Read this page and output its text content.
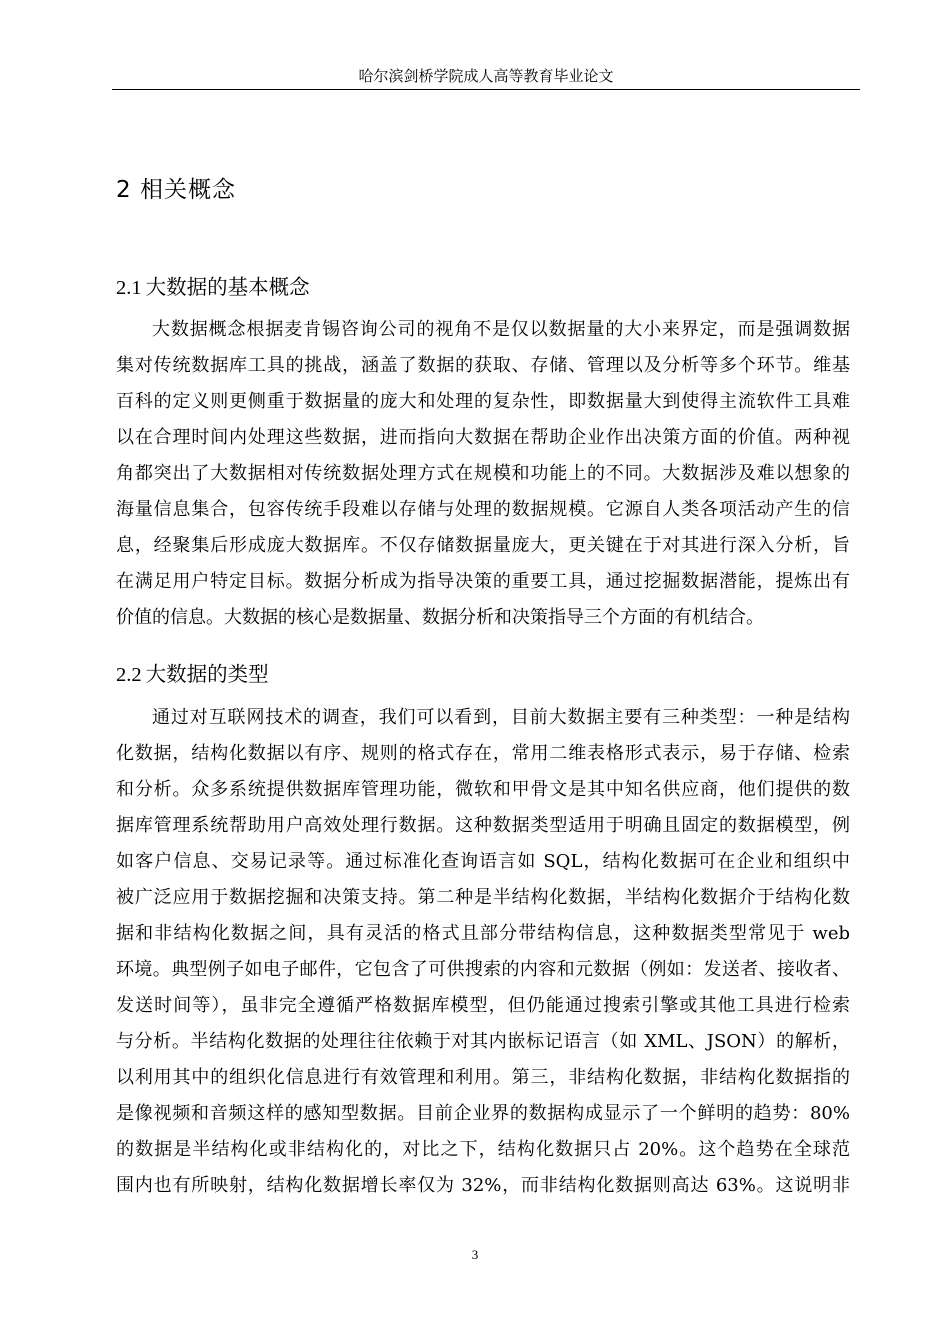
哈尔滨剑桥学院成人高等教育毕业论文
2 相关概念
2.1 大数据的基本概念
大数据概念根据麦肯锡咨询公司的视角不是仅以数据量的大小来界定，而是强调数据
集对传统数据库工具的挑战，涵盖了数据的获取、存储、管理以及分析等多个环节。维基
百科的定义则更侧重于数据量的庞大和处理的复杂性，即数据量大到使得主流软件工具难
以在合理时间内处理这些数据，进而指向大数据在帮助企业作出决策方面的价值。两种视
角都突出了大数据相对传统数据处理方式在规模和功能上的不同。大数据涉及难以想象的
海量信息集合，包容传统手段难以存储与处理的数据规模。它源自人类各项活动产生的信
息，经聚集后形成庞大数据库。不仅存储数据量庞大，更关键在于对其进行深入分析，旨
在满足用户特定目标。数据分析成为指导决策的重要工具，通过挖掘数据潜能，提炼出有
价值的信息。大数据的核心是数据量、数据分析和决策指导三个方面的有机结合。
2.2 大数据的类型
通过对互联网技术的调查，我们可以看到，目前大数据主要有三种类型：一种是结构
化数据，结构化数据以有序、规则的格式存在，常用二维表格形式表示，易于存储、检索
和分析。众多系统提供数据库管理功能，微软和甲骨文是其中知名供应商，他们提供的数
据库管理系统帮助用户高效处理行数据。这种数据类型适用于明确且固定的数据模型，例
如客户信息、交易记录等。通过标准化查询语言如 SQL，结构化数据可在企业和组织中
被广泛应用于数据挖掘和决策支持。第二种是半结构化数据，半结构化数据介于结构化数
据和非结构化数据之间，具有灵活的格式且部分带结构信息，这种数据类型常见于 web
环境。典型例子如电子邮件，它包含了可供搜索的内容和元数据（例如：发送者、接收者、
发送时间等），虽非完全遵循严格数据库模型，但仍能通过搜索引擎或其他工具进行检索
与分析。半结构化数据的处理往往依赖于对其内嵌标记语言（如 XML、JSON）的解析，
以利用其中的组织化信息进行有效管理和利用。第三，非结构化数据，非结构化数据指的
是像视频和音频这样的感知型数据。目前企业界的数据构成显示了一个鲜明的趋势：80%
的数据是半结构化或非结构化的，对比之下，结构化数据只占 20%。这个趋势在全球范
围内也有所映射，结构化数据增长率仅为 32%，而非结构化数据则高达 63%。这说明非
3
